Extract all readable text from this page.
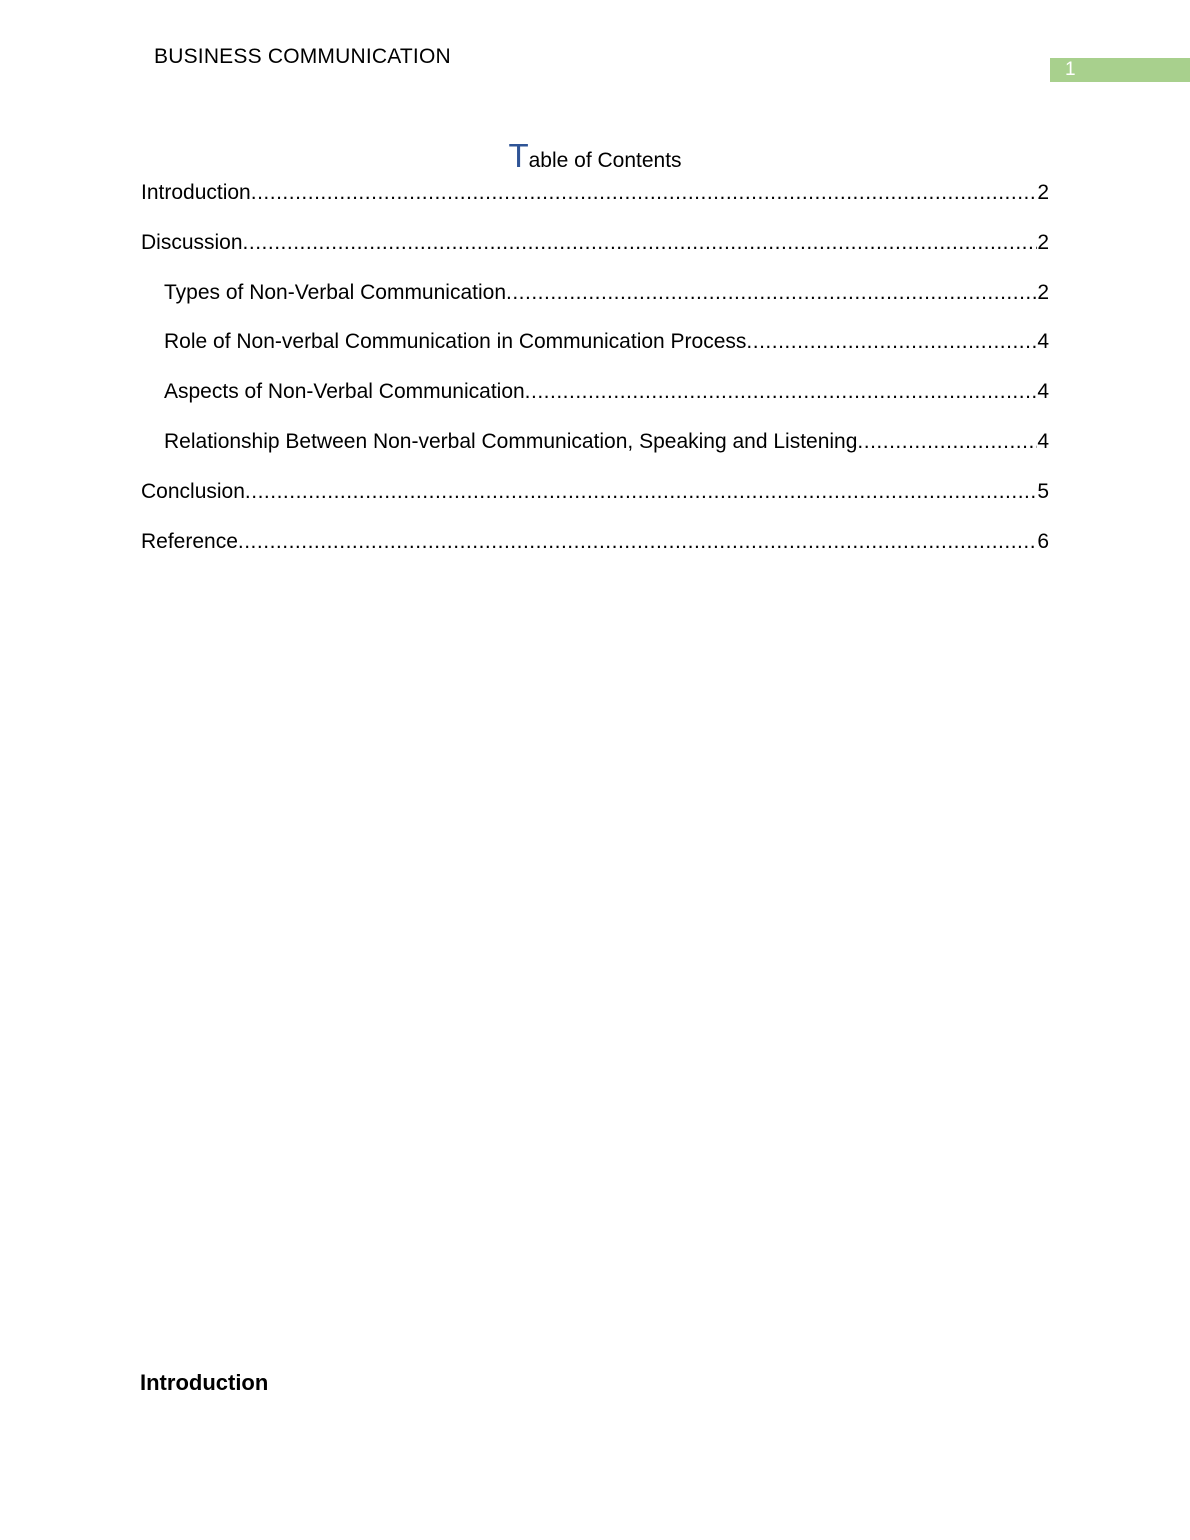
BUSINESS COMMUNICATION
1
Table of Contents
Introduction .....	2
Discussion .....	2
Types of Non-Verbal Communication .....	2
Role of Non-verbal Communication in Communication Process .....	4
Aspects of Non-Verbal Communication .....	4
Relationship Between Non-verbal Communication, Speaking and Listening .....	4
Conclusion .....	5
Reference .....	6
Introduction
